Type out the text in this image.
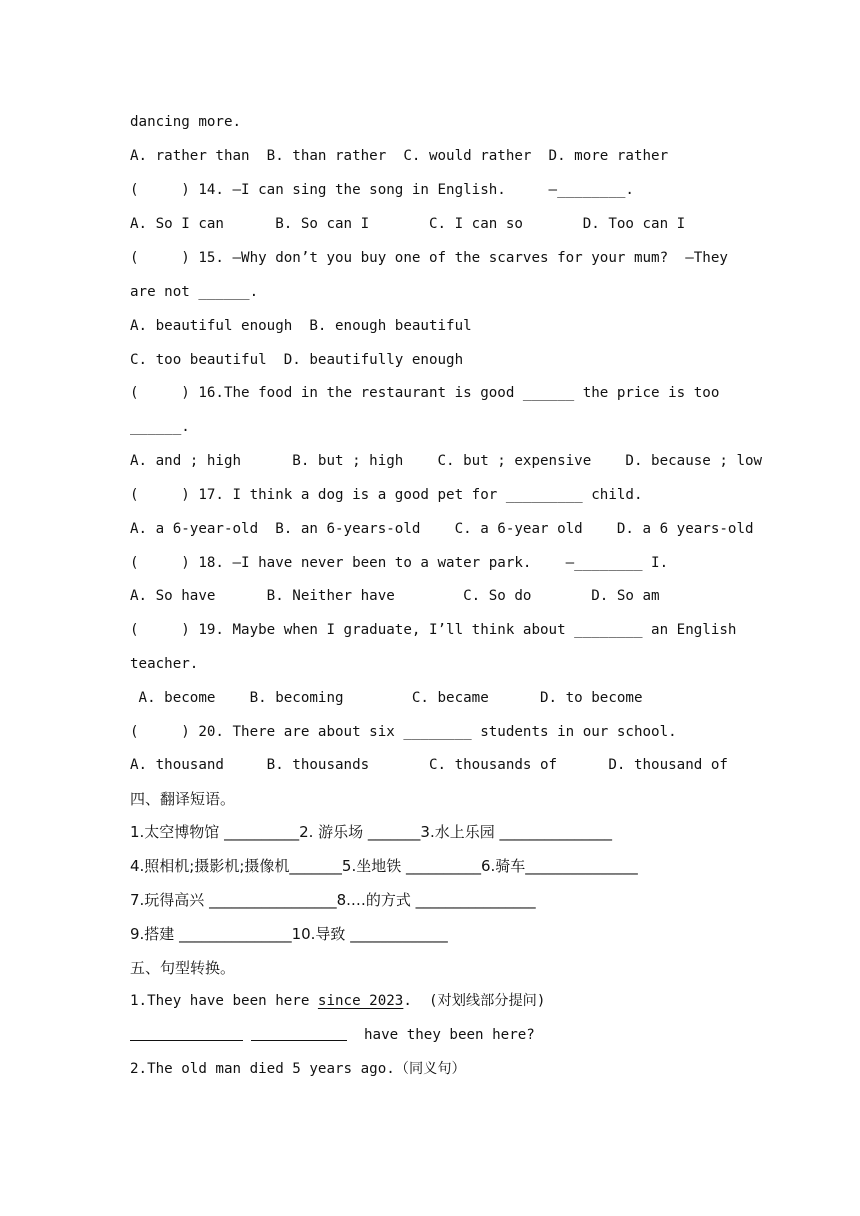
dancing more.
A. rather than  B. than rather  C. would rather  D. more rather
(     ) 14. —I can sing the song in English.     —________.
A. So I can      B. So can I       C. I can so       D. Too can I
(     ) 15. —Why don’t you buy one of the scarves for your mum?  —They
are not ______.
A. beautiful enough  B. enough beautiful
C. too beautiful  D. beautifully enough
(     ) 16.The food in the restaurant is good ______ the price is too
______.
A. and ; high      B. but ; high    C. but ; expensive    D. because ; low
(     ) 17. I think a dog is a good pet for _________ child.
A. a 6-year-old  B. an 6-years-old    C. a 6-year old    D. a 6 years-old
(     ) 18. —I have never been to a water park.    —________ I.
A. So have      B. Neither have        C. So do       D. So am
(     ) 19. Maybe when I graduate, I’ll think about ________ an English
teacher.
A. become    B. becoming        C. became      D. to become
(     ) 20. There are about six ________ students in our school.
A. thousand     B. thousands       C. thousands of      D. thousand of
四、翻译短语。
1.太空博物馆 __________2. 游乐场 _______3.水上乐园 _______________
4.照相机;摄影机;摄像机_______5.坐地铁 __________6.骑车_______________
7.玩得高兴 _________________8.…的方式 ________________
9.搭建 _______________10.导致 _____________
五、句型转换。
1.They have been here since 2023.  (对划线部分提问)
have they been here?
2.The old man died 5 years ago.（同义句）
